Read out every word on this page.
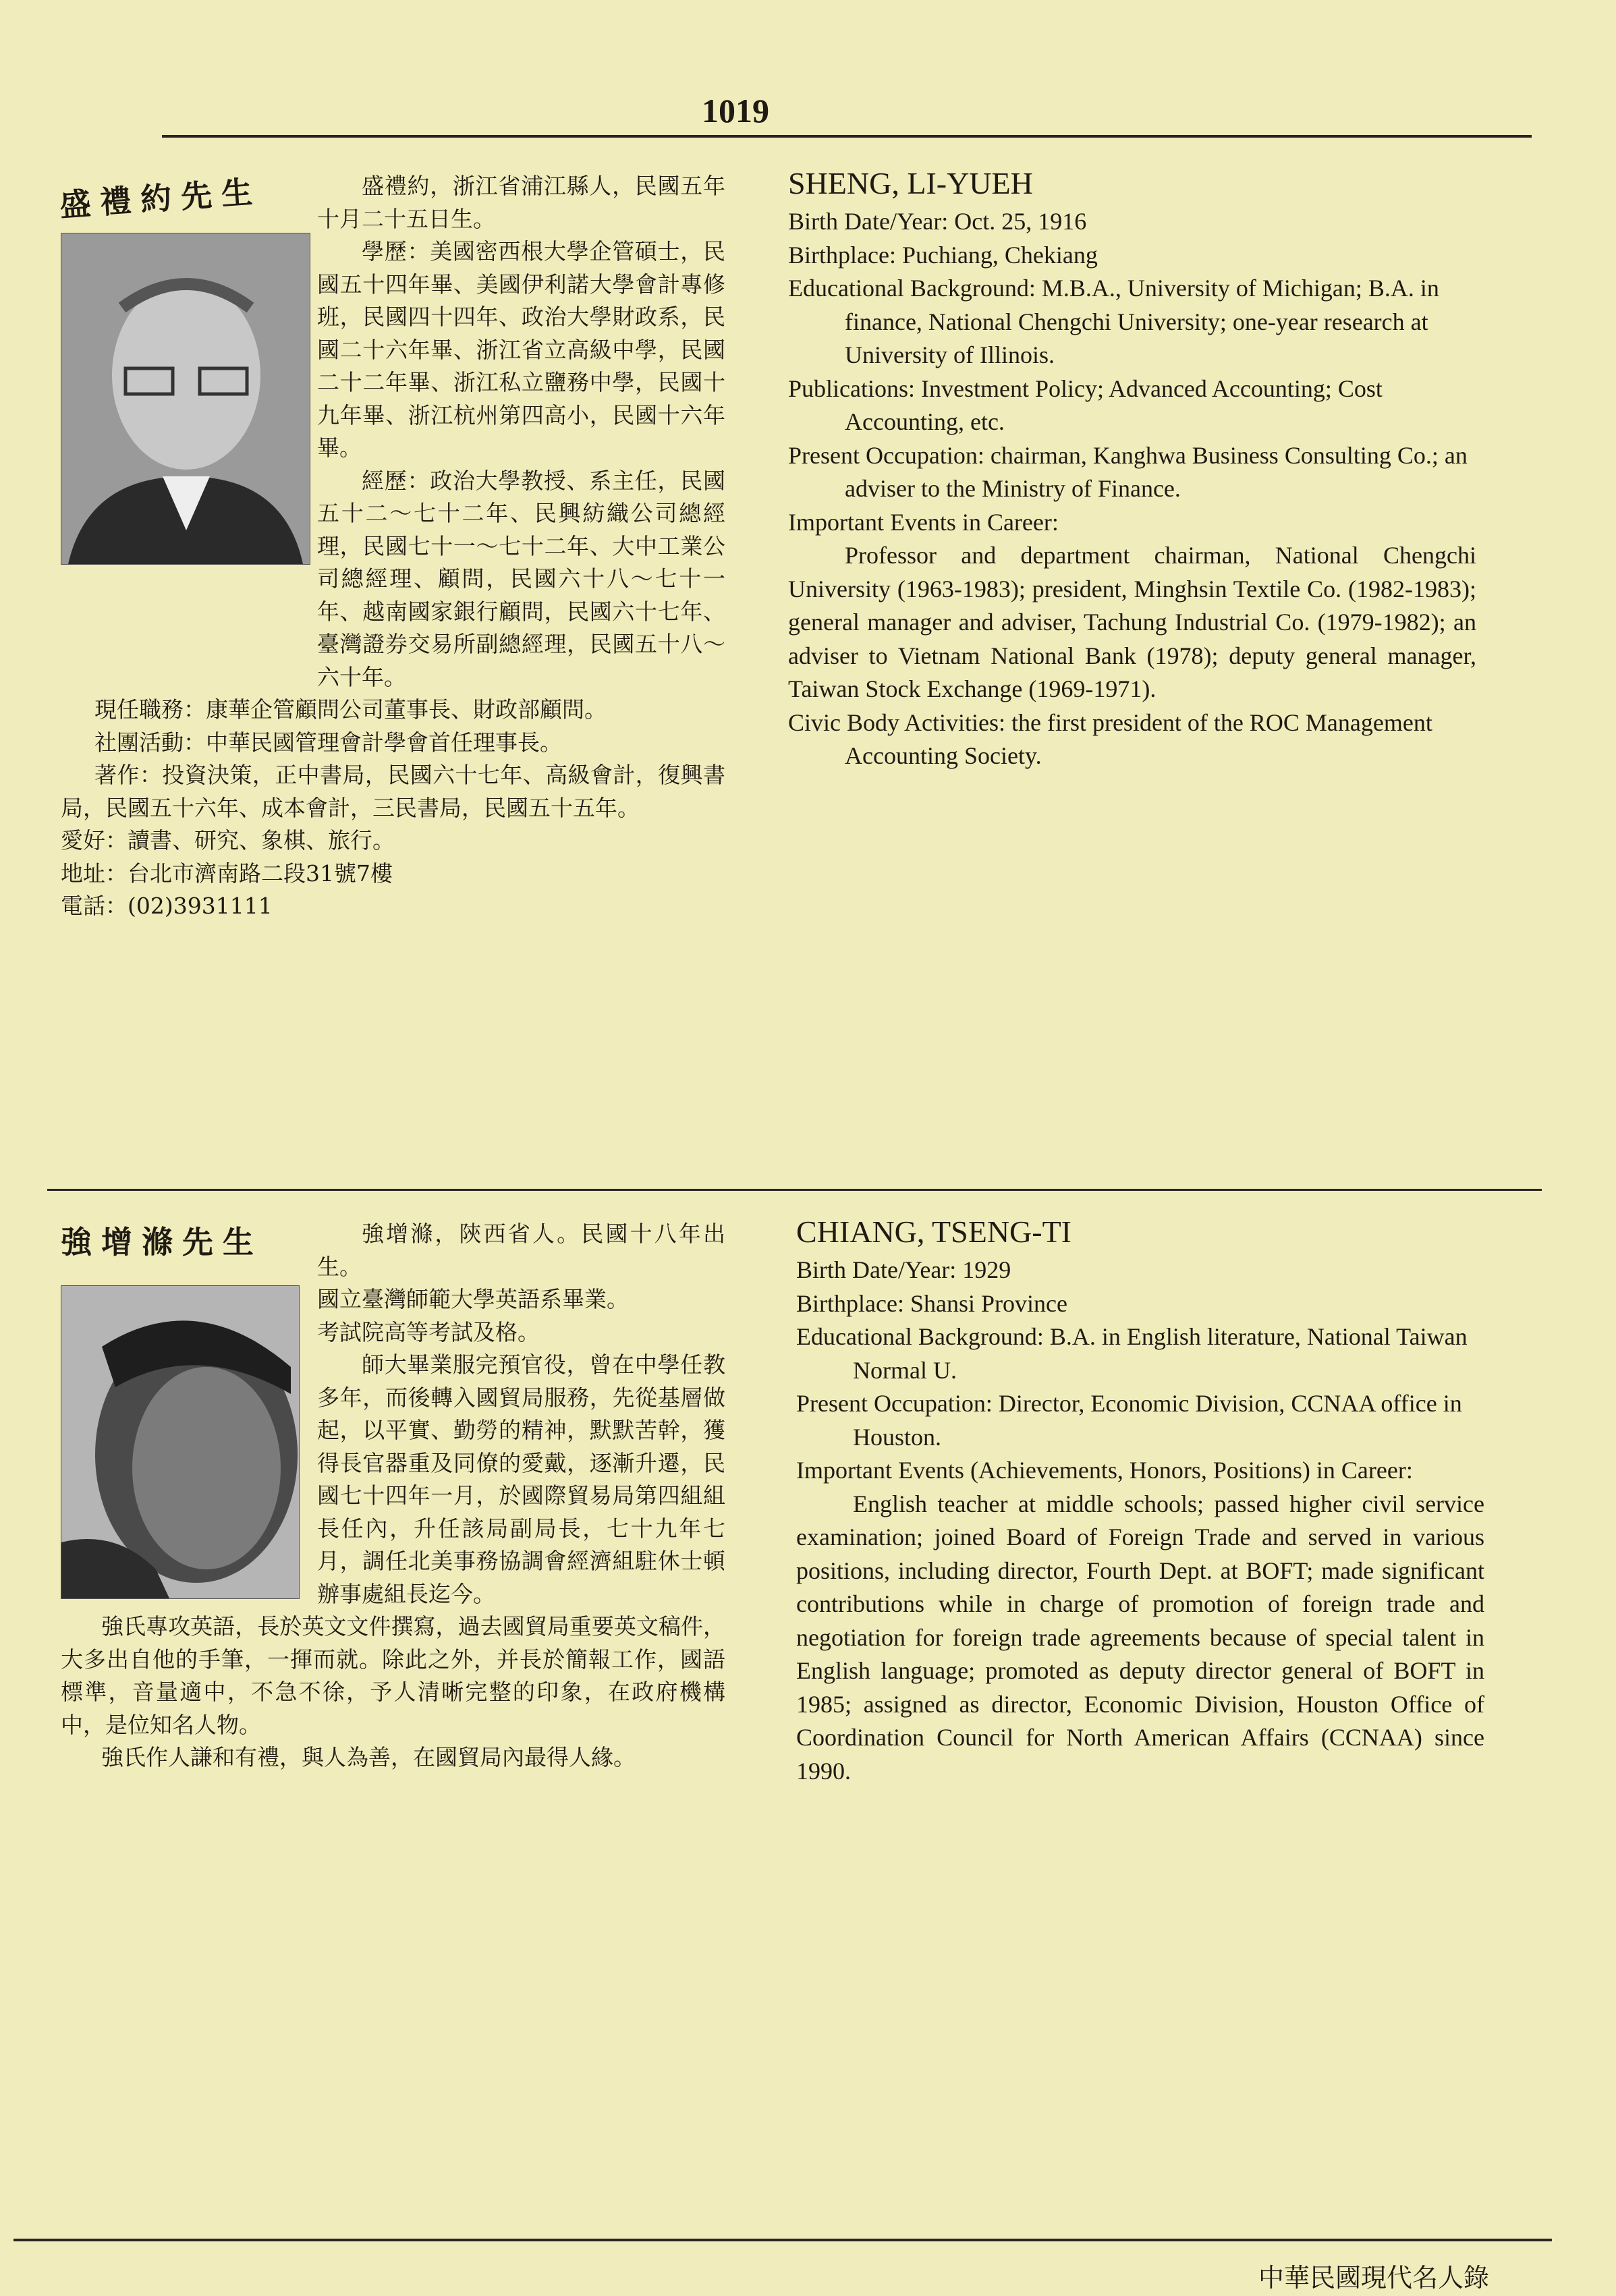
1019
盛禮約先生	盛禮約，浙江省浦江縣人，民國五年十月二十五日生。

學歷：美國密西根大學企管碩士，民國五十四年畢、美國伊利諾大學會計專修班，民國四十四年、政治大學財政系，民國二十六年畢、浙江省立高級中學，民國二十二年畢、浙江私立鹽務中學，民國十九年畢、浙江杭州第四高小，民國十六年畢。

經歷：政治大學教授、系主任，民國五十二～七十二年、民興紡織公司總經理，民國七十一～七十二年、大中工業公司總經理、顧問，民國六十八～七十一年、越南國家銀行顧問，民國六十七年、臺灣證券交易所副總經理，民國五十八～六十年。

現任職務：康華企管顧問公司董事長、財政部顧問。

社團活動：中華民國管理會計學會首任理事長。

著作：投資決策，正中書局，民國六十七年、高級會計，復興書局，民國五十六年、成本會計，三民書局，民國五十五年。

愛好：讀書、研究、象棋、旅行。

地址：台北市濟南路二段31號7樓

電話：(02)3931111

SHENG, LI-YUEH

Birth Date/Year: Oct. 25, 1916

Birthplace: Puchiang, Chekiang

Educational Background: M.B.A., University of Michigan; B.A. in finance, National Chengchi University; one-year research at University of Illinois.

Publications: Investment Policy; Advanced Accounting; Cost Accounting, etc.

Present Occupation: chairman, Kanghwa Business Consulting Co.; an adviser to the Ministry of Finance.

Important Events in Career:

Professor and department chairman, National Chengchi University (1963-1983); president, Minghsin Textile Co. (1982-1983); general manager and adviser, Tachung Industrial Co. (1979-1982); an adviser to Vietnam National Bank (1978); deputy general manager, Taiwan Stock Exchange (1969-1971).

Civic Body Activities: the first president of the ROC Management Accounting Society.

強增滌先生	強增滌，陝西省人。民國十八年出生。

國立臺灣師範大學英語系畢業。

考試院高等考試及格。

師大畢業服完預官役，曾在中學任教多年，而後轉入國貿局服務，先從基層做起，以平實、勤勞的精神，默默苦幹，獲得長官器重及同僚的愛戴，逐漸升遷，民國七十四年一月，於國際貿易局第四組組長任內，升任該局副局長，七十九年七月，調任北美事務協調會經濟組駐休士頓辦事處組長迄今。

強氏專攻英語，長於英文文件撰寫，過去國貿局重要英文稿件，大多出自他的手筆，一揮而就。除此之外，并長於簡報工作，國語標準，音量適中，不急不徐，予人清晰完整的印象，在政府機構中，是位知名人物。

強氏作人謙和有禮，與人為善，在國貿局內最得人緣。

CHIANG, TSENG-TI

Birth Date/Year: 1929

Birthplace: Shansi Province

Educational Background: B.A. in English literature, National Taiwan Normal U.

Present Occupation: Director, Economic Division, CCNAA office in Houston.

Important Events (Achievements, Honors, Positions) in Career:

English teacher at middle schools; passed higher civil service examination; joined Board of Foreign Trade and served in various positions, including director, Fourth Dept. at BOFT; made significant contributions while in charge of promotion of foreign trade and negotiation for foreign trade agreements because of special talent in English language; promoted as deputy director general of BOFT in 1985; assigned as director, Economic Division, Houston Office of Coordination Council for North American Affairs (CCNAA) since 1990.

中華民國現代名人錄
